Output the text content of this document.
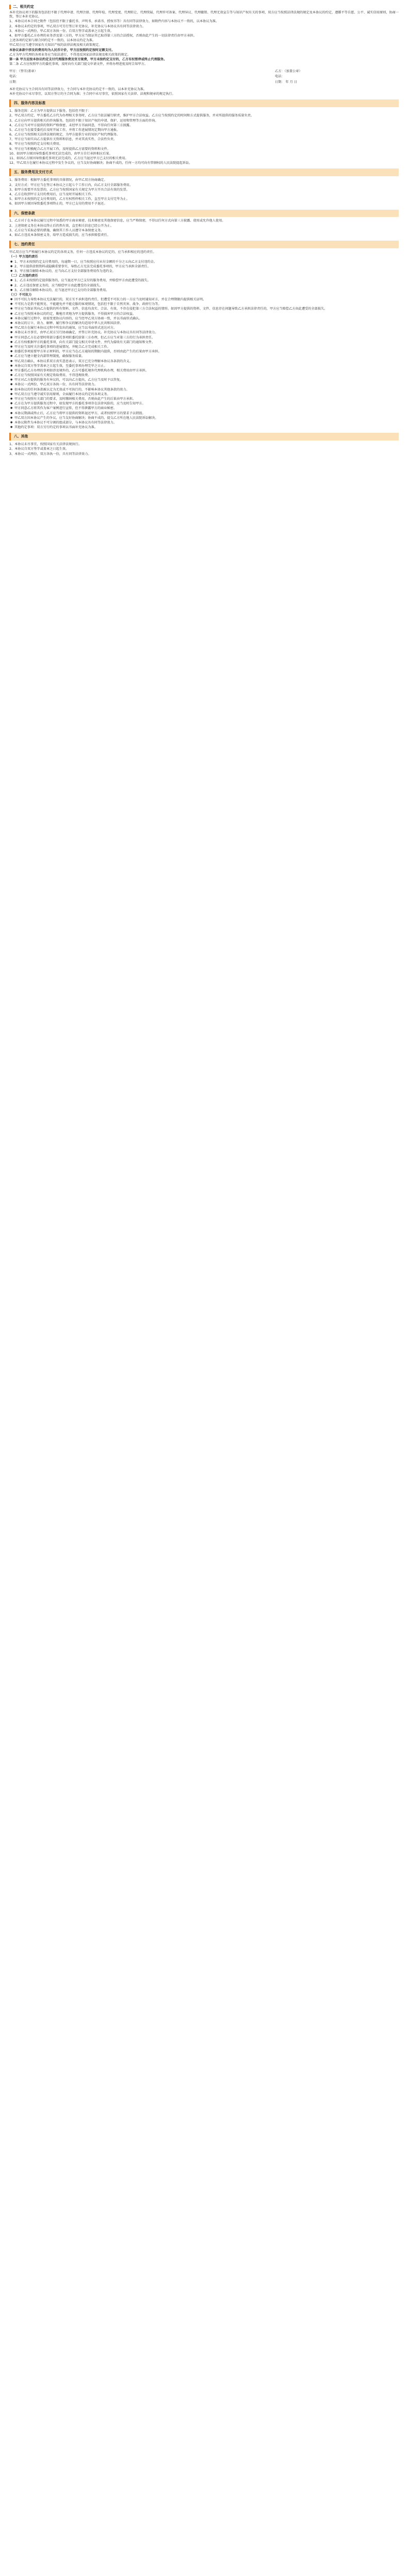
二、相关约定

本补充协议项下的服务包括但不限于代理申请、代理注册、代理年检、代理变更、代理转让、代理续展、代理许可备案、代理异议、代理撤销、代理无效宣告等与知识产权有关的事项，双方应当按照法律法规的规定及本协议的约定，遵循平等自愿、公平、诚实信用原则，协商一致，签订本补充协议。

1、本协议对本合同之附件（包括但不限于委托书、声明书、承诺书、授权书等）具有同等法律效力，如附件内容与本协议不一致的，以本协议为准。

2、本协议未约定的事项，甲乙双方可另行签订补充协议，补充协议与本协议具有同等法律效力。

3、本协议一式两份，甲乙双方各执一份，自双方签字或盖章之日起生效。

4、如甲方委托乙方办理的业务涉及第三方的，甲方应当保证其已取得第三方的合法授权，否则由此产生的一切法律责任由甲方承担。

上述各项约定如与原合同约定不一致的，以本协议约定为准。

甲乙双方应当遵守国家有关知识产权的法律法规及相关政策规定。

本协议条款中涉及的费用均为人民币计价，甲方应按照约定按时足额支付。

乙方为甲方代理的各项业务应当依法进行，不得违反国家法律法规及相关政策的规定。

第一条 甲方应按本协议约定支付代理服务费及官方规费，甲方未按约定支付的，乙方有权暂停或终止代理服务。

第二条 乙方应按照甲方的委托事项，及时向有关部门提交申请文件，并将办理进度及时告知甲方。

甲方：（签字/盖章）	乙方：（加盖公章）
电话：	电话：
日期：	日期： 年 月 日

本补充协议与主合同具有同等法律效力，主合同与本补充协议约定不一致的，以本补充协议为准。

本补充协议中未尽事宜，以双方签订的主合同为准；主合同中未尽事宜，依照国家有关法律、法规和规章的规定执行。

四、服务内容及标准

1、服务范围：乙方为甲方提供以下服务，包括但不限于：

2、甲乙双方约定，甲方委托乙方代为办理相关事务时，乙方应当依法履行职责，维护甲方合法权益。乙方应当按照约定的时间和方式提供服务，并对所提供的服务质量负责。

3、乙方应向甲方提供相关的咨询服务，包括但不限于知识产权的申请、保护、运用和管理等方面的咨询。

4、乙方应当对甲方提供的资料严格保密，未经甲方书面同意，不得向任何第三方披露。

5、乙方应当在接受委托后及时开展工作，并将工作进展情况定期向甲方通报。

6、乙方应当按照相关法律法规的规定，为甲方提供专业的知识产权代理服务。

7、甲方应当如实向乙方提供有关资料和信息，并对其真实性、合法性负责。

8、甲方应当按照约定支付相关费用。

9、甲方应当积极配合乙方开展工作，及时提供乙方需要的资料和文件。

10、如因甲方原因导致委托事项无法完成的，由甲方自行承担相应后果。

11、如因乙方原因导致委托事项无法完成的，乙方应当退还甲方已支付的相关费用。

12、甲乙双方在履行本协议过程中发生争议的，应当友好协商解决；协商不成的，任何一方均可向有管辖权的人民法院提起诉讼。

五、服务费用及支付方式

1、服务费用：根据甲方委托事项的具体情况，由甲乙双方协商确定。

2、支付方式：甲方应当在签订本协议之日起七个工作日内，向乙方支付全部服务费用。

3、如甲方需要开具发票的，乙方应当按照国家有关规定为甲方开具合法有效的发票。

4、乙方在收到甲方支付的费用后，应当及时开展相关工作。

5、如甲方未按照约定支付费用的，乙方有权暂停相关工作，直至甲方支付完毕为止。

6、如因甲方原因导致委托事项终止的，甲方已支付的费用不予退还。

六、保密条款

1、乙方对于在本协议履行过程中知悉的甲方商业秘密、技术秘密及其他保密信息，应当严格保密，不得以任何方式向第三方披露、使用或允许他人使用。

2、上述保密义务在本协议终止后仍然有效，直至相关信息已经公开为止。

3、乙方应当采取必要的措施，确保其工作人员遵守本条保密义务。

4、如乙方违反本条保密义务，给甲方造成损失的，应当承担赔偿责任。

七、违约责任

甲乙双方应当严格履行本协议约定的各项义务，任何一方违反本协议约定的，应当承担相应的违约责任。

（一）甲方违约责任

● 1、甲方未按照约定支付费用的，每逾期一日，应当按照应付未付金额的千分之五向乙方支付违约金。

● 2、甲方提供虚假资料或隐瞒重要事实，导致乙方无法完成委托事项的，甲方应当承担全部责任。

● 3、甲方擅自解除本协议的，应当向乙方支付全部服务费用作为违约金。

（二）乙方违约责任

● 1、乙方未按照约定提供服务的，应当退还甲方已支付的服务费用，并赔偿甲方由此遭受的损失。

● 2、乙方违反保密义务的，应当赔偿甲方由此遭受的全部损失。

● 3、乙方擅自解除本协议的，应当退还甲方已支付的全部服务费用。

（三）不可抗力

● 因不可抗力导致本协议无法履行的，双方互不承担违约责任，但遭受不可抗力的一方应当及时通知对方，并在合理期限内提供相关证明。

● 不可抗力是指不能预见、不能避免并不能克服的客观情况，包括但不限于自然灾害、战争、政府行为等。

● 甲方应当保证其向乙方提供的所有资料、文件、信息均真实、合法、有效，不存在侵犯第三方合法权益的情形。如因甲方提供的资料、文件、信息存在问题导致乙方承担法律责任的，甲方应当赔偿乙方由此遭受的全部损失。

● 乙方应当按照本协议的约定，勤勉尽责地为甲方提供服务，不得损害甲方的合法权益。

● 本协议履行过程中，如需变更协议内容的，应当经甲乙双方协商一致，并以书面形式确认。

● 本协议的订立、效力、解释、履行和争议的解决均适用中华人民共和国法律。

● 甲乙双方在履行本协议过程中所发出的通知，应当以书面形式送达对方。

● 本协议未尽事宜，由甲乙双方另行协商确定，并签订补充协议。补充协议与本协议具有同等法律效力。

● 甲方同意乙方在必要时将部分委托事项转委托给第三方办理，但乙方应当对第三方的行为承担责任。

● 乙方有权根据甲方的委托事项，向有关部门提交相关申请文件，并代为接收有关部门的通知和文件。

● 甲方应当及时关注委托事项的进展情况，并配合乙方完成相关工作。

● 如委托事项需要甲方补正材料的，甲方应当在乙方通知的期限内提供，否则由此产生的后果由甲方承担。

● 乙方应当建立健全内部管理制度，确保服务质量。

● 甲乙双方确认，本协议系双方真实意思表示，双方已充分理解本协议各条款的含义。

● 本协议自双方签字盖章之日起生效，至委托事项办理完毕之日止。

● 甲方委托乙方办理的事项如涉及境外的，乙方可委托境外代理机构办理，相关费用由甲方承担。

● 乙方应当按照国家有关规定收取费用，不得违规收费。

● 甲方对乙方提供的服务有异议的，可以向乙方提出，乙方应当及时予以答复。

● 本协议一式两份，甲乙双方各执一份，具有同等法律效力。

● 如本协议的任何条款被认定为无效或不可执行的，不影响本协议其他条款的效力。

● 甲乙双方应当遵守诚实信用原则，全面履行本协议约定的各项义务。

● 甲方应当按照有关部门的要求，及时缴纳相关费用，否则由此产生的后果由甲方承担。

● 乙方在为甲方提供服务过程中，如发现甲方的委托事项存在法律风险的，应当及时告知甲方。

● 甲方同意乙方将其作为客户案例进行宣传，但不得泄露甲方的商业秘密。

● 本协议期满或终止后，乙方应当将甲方提供的资料退还甲方，或者按照甲方的要求予以销毁。

● 甲乙双方因本协议产生的争议，应当友好协商解决；协商不成的，提交乙方所在地人民法院诉讼解决。

● 本协议附件为本协议不可分割的组成部分，与本协议具有同等法律效力。

● 其他约定事项：双方另行约定的事项以书面补充协议为准。

八、其他

1、本协议未尽事宜，按照国家有关法律法规执行。

2、本协议自双方签字或盖章之日起生效。

3、本协议一式两份，双方各执一份，具有同等法律效力。
